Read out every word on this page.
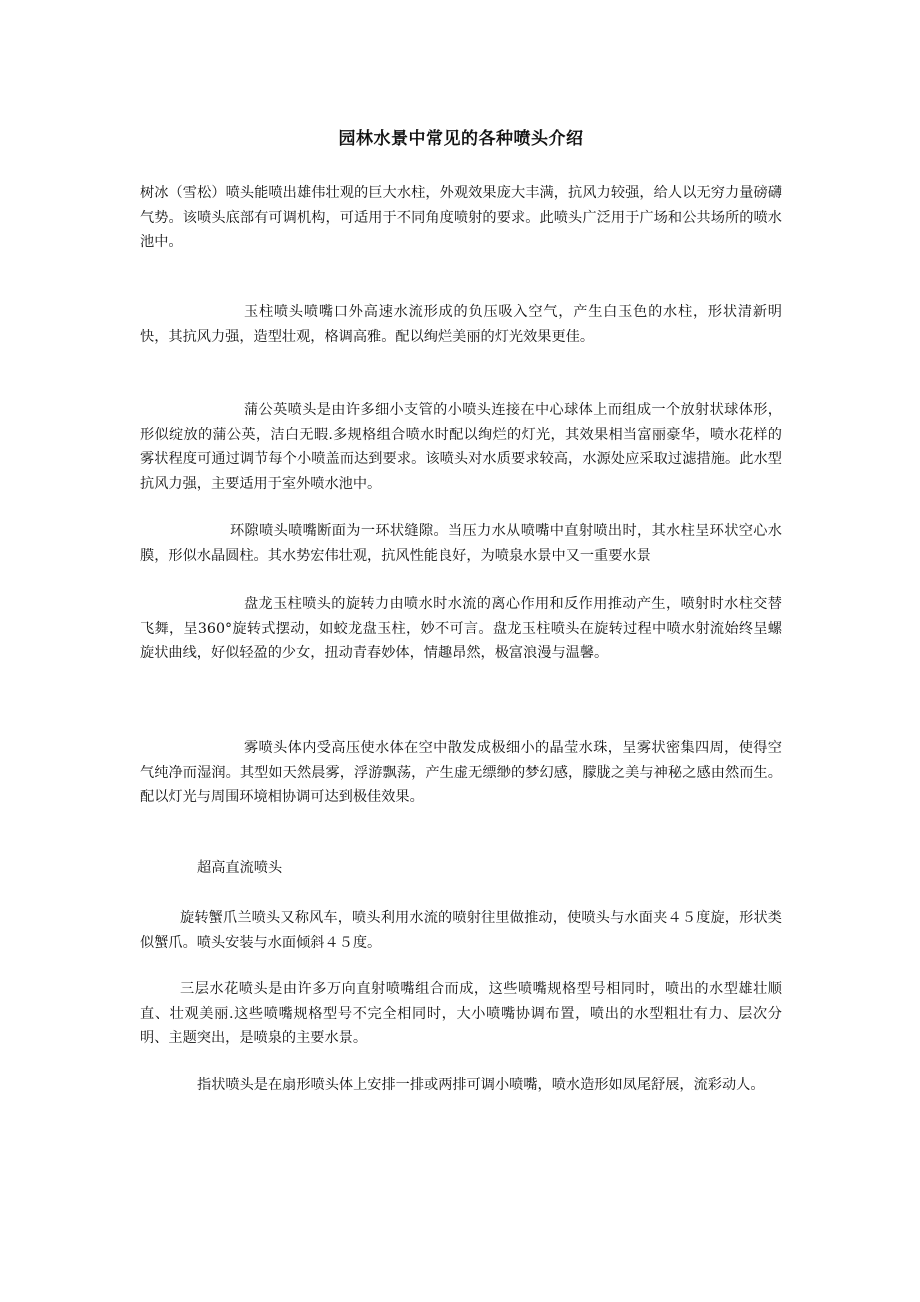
园林水景中常见的各种喷头介绍

树冰（雪松）喷头能喷出雄伟壮观的巨大水柱，外观效果庞大丰满，抗风力较强，给人以无穷力量磅礴气势。该喷头底部有可调机构，可适用于不同角度喷射的要求。此喷头广泛用于广场和公共场所的喷水池中。

玉柱喷头喷嘴口外高速水流形成的负压吸入空气，产生白玉色的水柱，形状清新明快，其抗风力强，造型壮观，格调高雅。配以绚烂美丽的灯光效果更佳。

蒲公英喷头是由许多细小支管的小喷头连接在中心球体上而组成一个放射状球体形，形似绽放的蒲公英，洁白无暇.多规格组合喷水时配以绚烂的灯光，其效果相当富丽豪华，喷水花样的雾状程度可通过调节每个小喷盖而达到要求。该喷头对水质要求较高，水源处应采取过滤措施。此水型抗风力强，主要适用于室外喷水池中。

环隙喷头喷嘴断面为一环状缝隙。当压力水从喷嘴中直射喷出时，其水柱呈环状空心水膜，形似水晶圆柱。其水势宏伟壮观，抗风性能良好，为喷泉水景中又一重要水景

盘龙玉柱喷头的旋转力由喷水时水流的离心作用和反作用推动产生，喷射时水柱交替飞舞，呈360°旋转式摆动，如蛟龙盘玉柱，妙不可言。盘龙玉柱喷头在旋转过程中喷水射流始终呈螺旋状曲线，好似轻盈的少女，扭动青春妙体，情趣昂然，极富浪漫与温馨。

雾喷头体内受高压使水体在空中散发成极细小的晶莹水珠，呈雾状密集四周，使得空气纯净而湿润。其型如天然晨雾，浮游飘荡，产生虚无缥缈的梦幻感，朦胧之美与神秘之感由然而生。配以灯光与周围环境相协调可达到极佳效果。

超高直流喷头

旋转蟹爪兰喷头又称风车，喷头利用水流的喷射往里做推动，使喷头与水面夹４５度旋，形状类似蟹爪。喷头安装与水面倾斜４５度。

三层水花喷头是由许多万向直射喷嘴组合而成，这些喷嘴规格型号相同时，喷出的水型雄壮顺直、壮观美丽.这些喷嘴规格型号不完全相同时，大小喷嘴协调布置，喷出的水型粗壮有力、层次分明、主题突出，是喷泉的主要水景。

指状喷头是在扇形喷头体上安排一排或两排可调小喷嘴，喷水造形如凤尾舒展，流彩动人。
